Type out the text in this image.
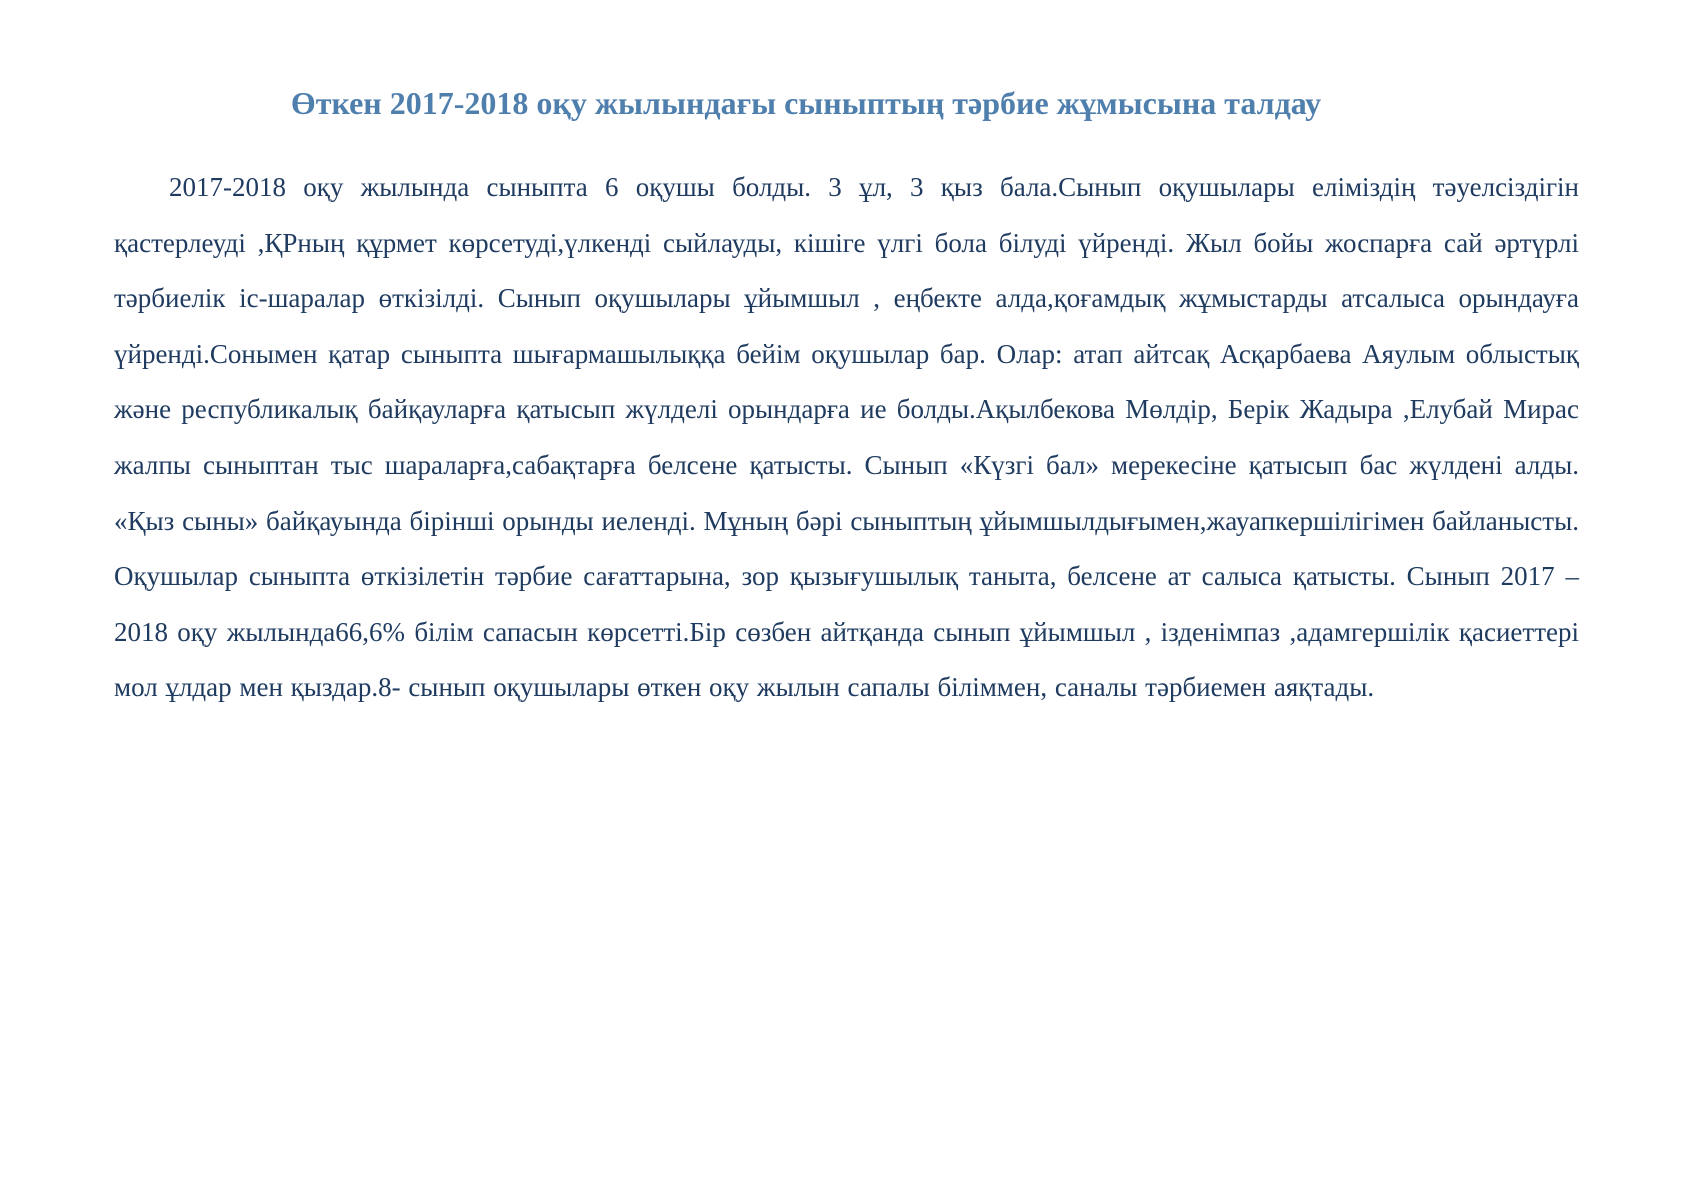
Өткен 2017-2018 оқу жылындағы сыныптың тәрбие жұмысына талдау

2017-2018 оқу жылында сыныпта 6 оқушы болды. 3 ұл, 3 қыз бала.Сынып оқушылары еліміздің тәуелсіздігін қастерлеуді ,ҚРның құрмет көрсетуді,үлкенді сыйлауды, кішіге үлгі бола білуді үйренді. Жыл бойы жоспарға сай әртүрлі тәрбиелік іс-шаралар өткізілді. Сынып оқушылары ұйымшыл , еңбекте алда,қоғамдық жұмыстарды атсалыса орындауға үйренді.Сонымен қатар сыныпта шығармашылыққа бейім оқушылар бар. Олар: атап айтсақ Асқарбаева Аяулым облыстық және республикалық байқауларға қатысып жүлделі орындарға ие болды.Ақылбекова Мөлдір, Берік Жадыра ,Елубай Мирас жалпы сыныптан тыс шараларға,сабақтарға белсене қатысты. Сынып «Күзгі бал» мерекесіне қатысып бас жүлдені алды. «Қыз сыны» байқауында бірінші орынды иеленді. Мұның бәрі сыныптың ұйымшылдығымен,жауапкершілігімен байланысты. Оқушылар сыныпта өткізілетін тәрбие сағаттарына, зор қызығушылық таныта, белсене ат салыса қатысты. Сынып 2017 – 2018 оқу жылында66,6% білім сапасын көрсетті.Бір сөзбен айтқанда сынып ұйымшыл , ізденімпаз ,адамгершілік қасиеттері мол ұлдар мен қыздар.8- сынып оқушылары өткен оқу жылын сапалы біліммен, саналы тәрбиемен аяқтады.
